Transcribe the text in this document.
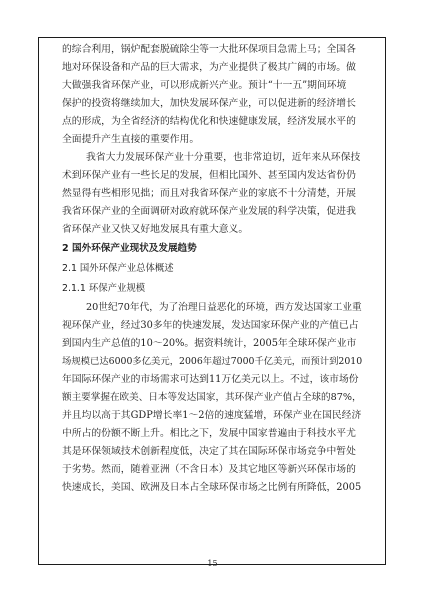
的综合利用，锅炉配套脱硫除尘等一大批环保项目急需上马；全国各
地对环保设备和产品的巨大需求，为产业提供了极其广阔的市场。做
大做强我省环保产业，可以形成新兴产业。预计“十一五”期间环境
保护的投资将继续加大，加快发展环保产业，可以促进新的经济增长
点的形成，为全省经济的结构优化和快速健康发展，经济发展水平的
全面提升产生直接的重要作用。
我省大力发展环保产业十分重要，也非常迫切，近年来从环保技
术到环保产业有一些长足的发展，但相比国外、甚至国内发达省份仍
然显得有些相形见拙；而且对我省环保产业的家底不十分清楚，开展
我省环保产业的全面调研对政府就环保产业发展的科学决策，促进我
省环保产业又快又好地发展具有重大意义。
2 国外环保产业现状及发展趋势
2.1 国外环保产业总体概述
2.1.1 环保产业规模
20世纪70年代，为了治理日益恶化的环境，西方发达国家工业重
视环保产业，经过30多年的快速发展，发达国家环保产业的产值已占
到国内生产总值的10～20%。据资料统计，2005年全球环保产业市
场规模已达6000多亿美元，2006年超过7000千亿美元，而预计到2010
年国际环保产业的市场需求可达到11万亿美元以上。不过，该市场份
额主要掌握在欧美、日本等发达国家，其环保产业产值占全球的87%，
并且均以高于其GDP增长率1～2倍的速度猛增，环保产业在国民经济
中所占的份额不断上升。相比之下，发展中国家普遍由于科技水平尤
其是环保领域技术创新程度低，决定了其在国际环保市场竞争中暂处
于劣势。然而，随着亚洲（不含日本）及其它地区等新兴环保市场的
快速成长，美国、欧洲及日本占全球环保市场之比例有所降低，2005
15
